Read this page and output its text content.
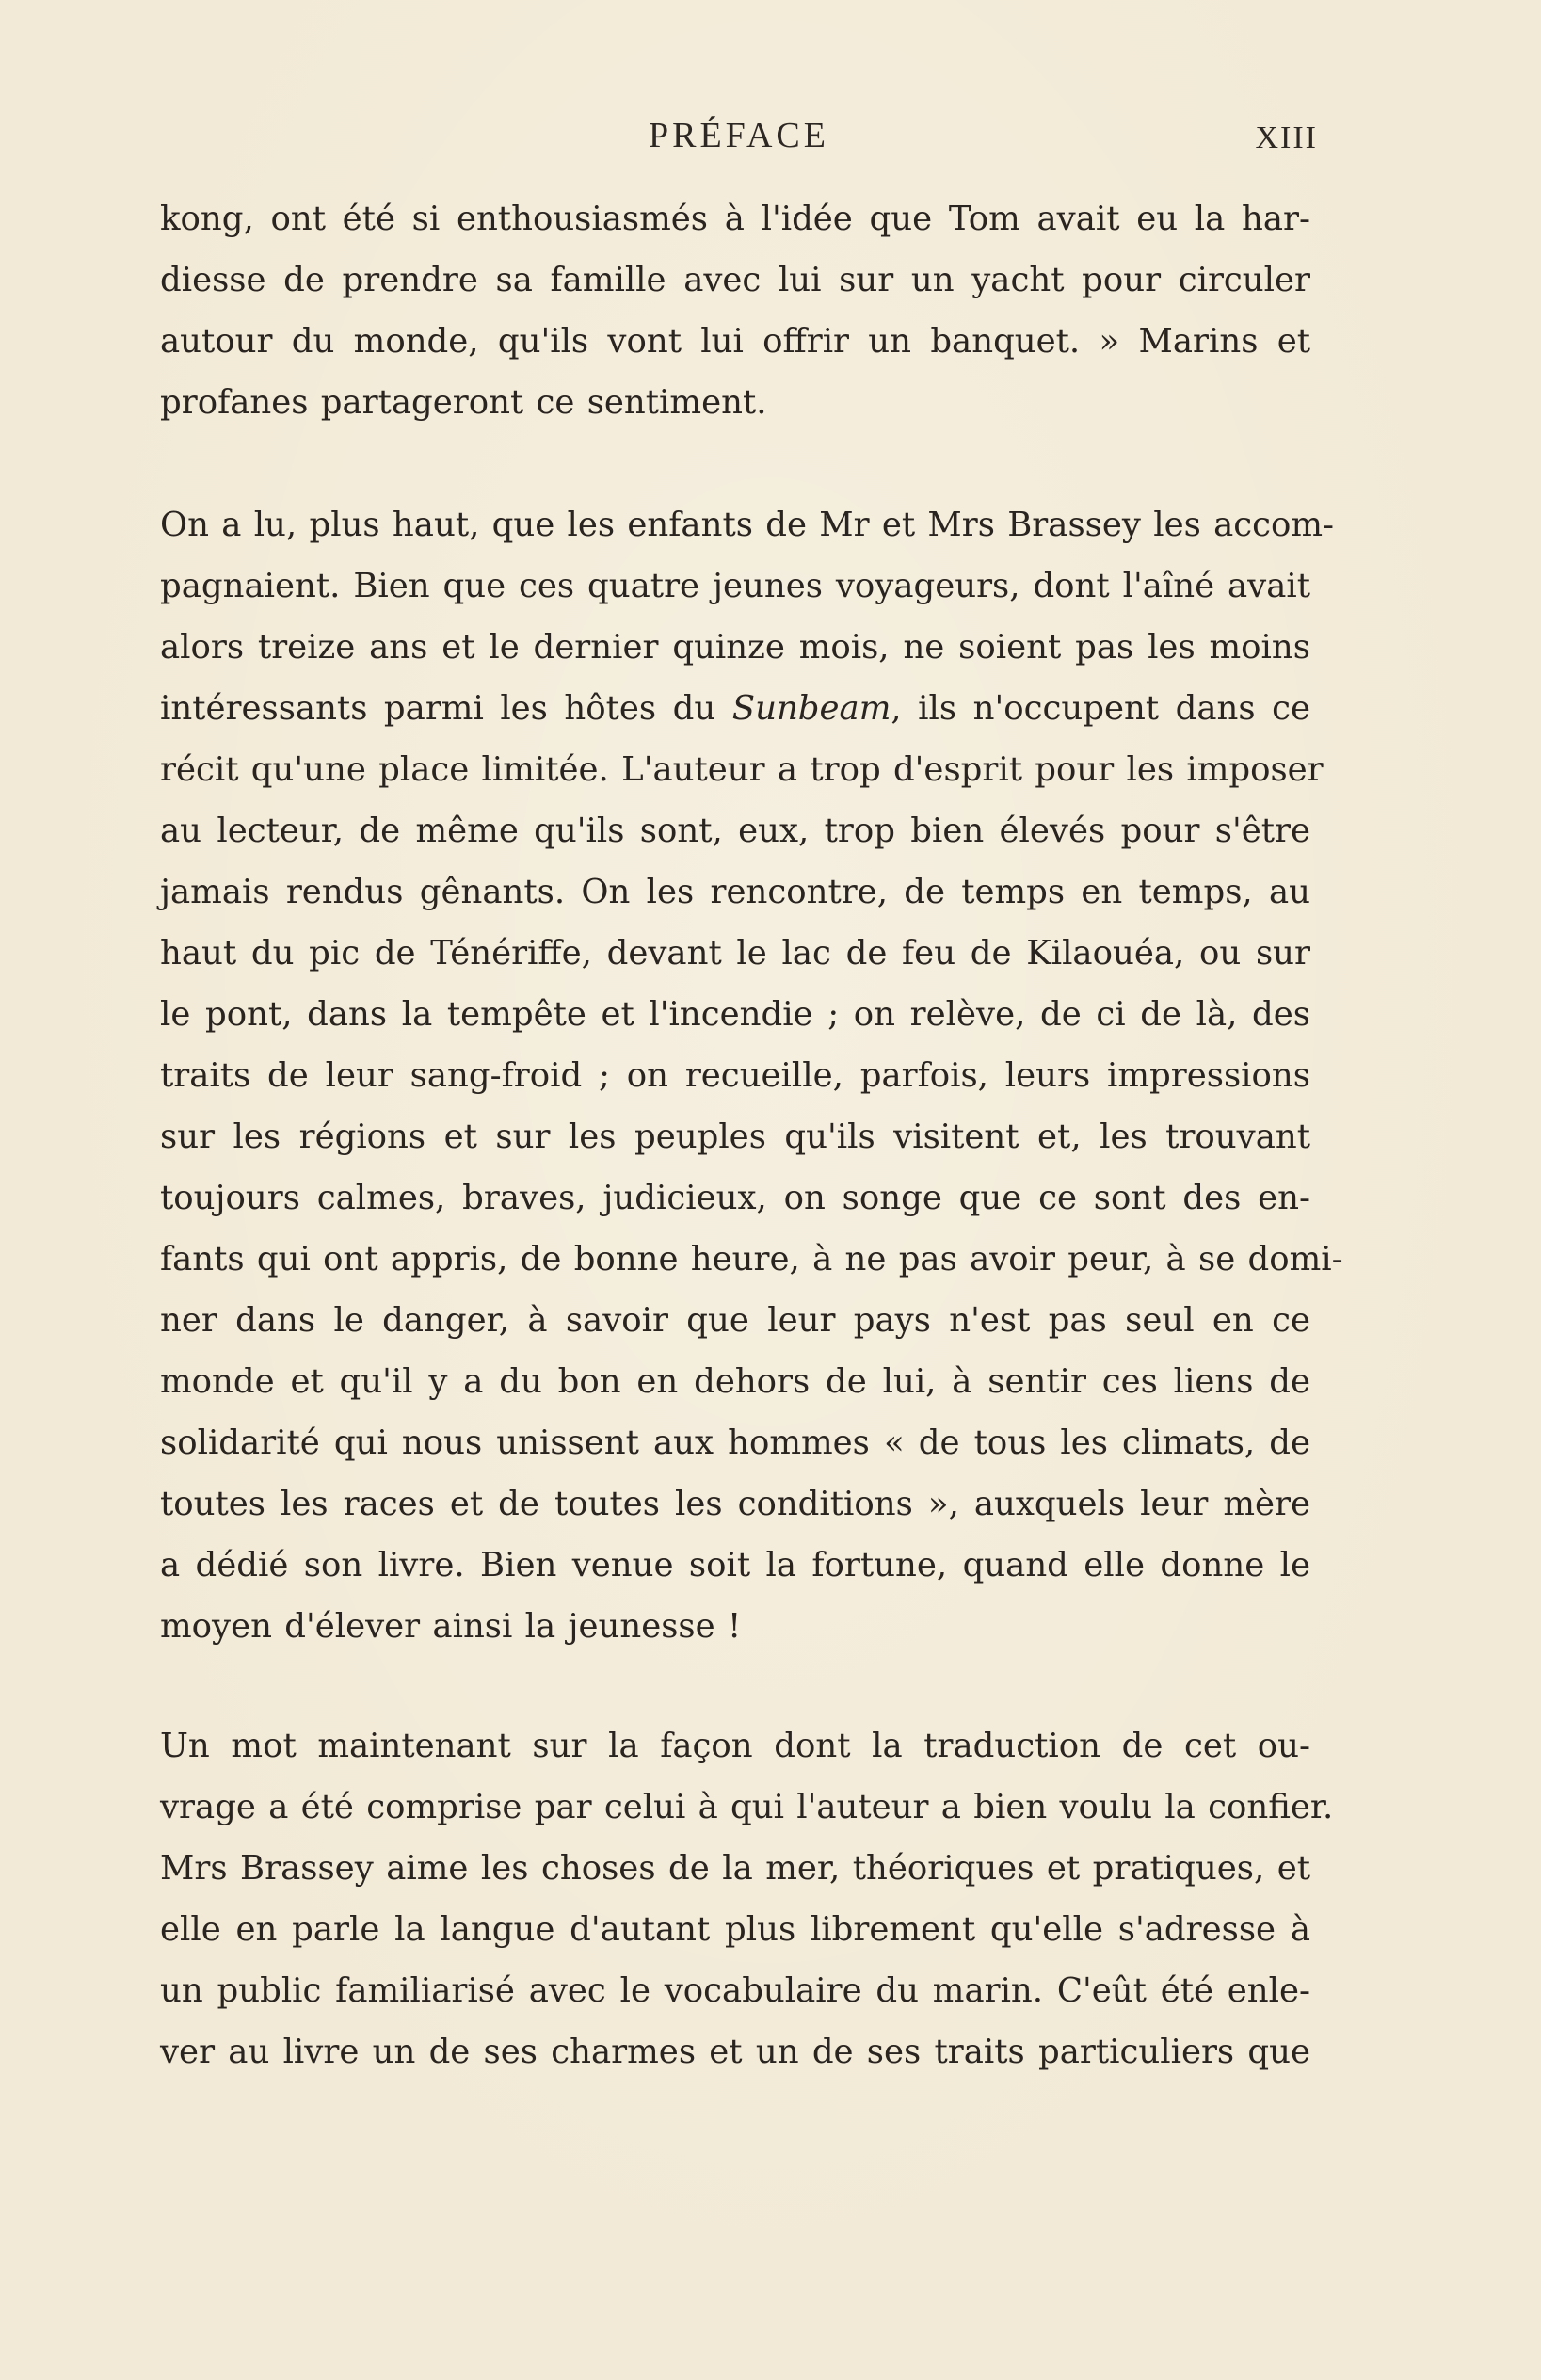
PRÉFACE	XIII
kong, ont été si enthousiasmés à l'idée que Tom avait eu la har-
diesse de prendre sa famille avec lui sur un yacht pour circuler
autour du monde, qu'ils vont lui offrir un banquet. » Marins et
profanes partageront ce sentiment.
On a lu, plus haut, que les enfants de Mr et Mrs Brassey les accom-
pagnaient. Bien que ces quatre jeunes voyageurs, dont l'aîné avait
alors treize ans et le dernier quinze mois, ne soient pas les moins
intéressants parmi les hôtes du Sunbeam, ils n'occupent dans ce
récit qu'une place limitée. L'auteur a trop d'esprit pour les imposer
au lecteur, de même qu'ils sont, eux, trop bien élevés pour s'être
jamais rendus gênants. On les rencontre, de temps en temps, au
haut du pic de Ténériffe, devant le lac de feu de Kilaouéa, ou sur
le pont, dans la tempête et l'incendie ; on relève, de ci de là, des
traits de leur sang-froid ; on recueille, parfois, leurs impressions
sur les régions et sur les peuples qu'ils visitent et, les trouvant
toujours calmes, braves, judicieux, on songe que ce sont des en-
fants qui ont appris, de bonne heure, à ne pas avoir peur, à se domi-
ner dans le danger, à savoir que leur pays n'est pas seul en ce
monde et qu'il y a du bon en dehors de lui, à sentir ces liens de
solidarité qui nous unissent aux hommes « de tous les climats, de
toutes les races et de toutes les conditions », auxquels leur mère
a dédié son livre. Bien venue soit la fortune, quand elle donne le
moyen d'élever ainsi la jeunesse !
Un mot maintenant sur la façon dont la traduction de cet ou-
vrage a été comprise par celui à qui l'auteur a bien voulu la confier.
Mrs Brassey aime les choses de la mer, théoriques et pratiques, et
elle en parle la langue d'autant plus librement qu'elle s'adresse à
un public familiarisé avec le vocabulaire du marin. C'eût été enle-
ver au livre un de ses charmes et un de ses traits particuliers que
